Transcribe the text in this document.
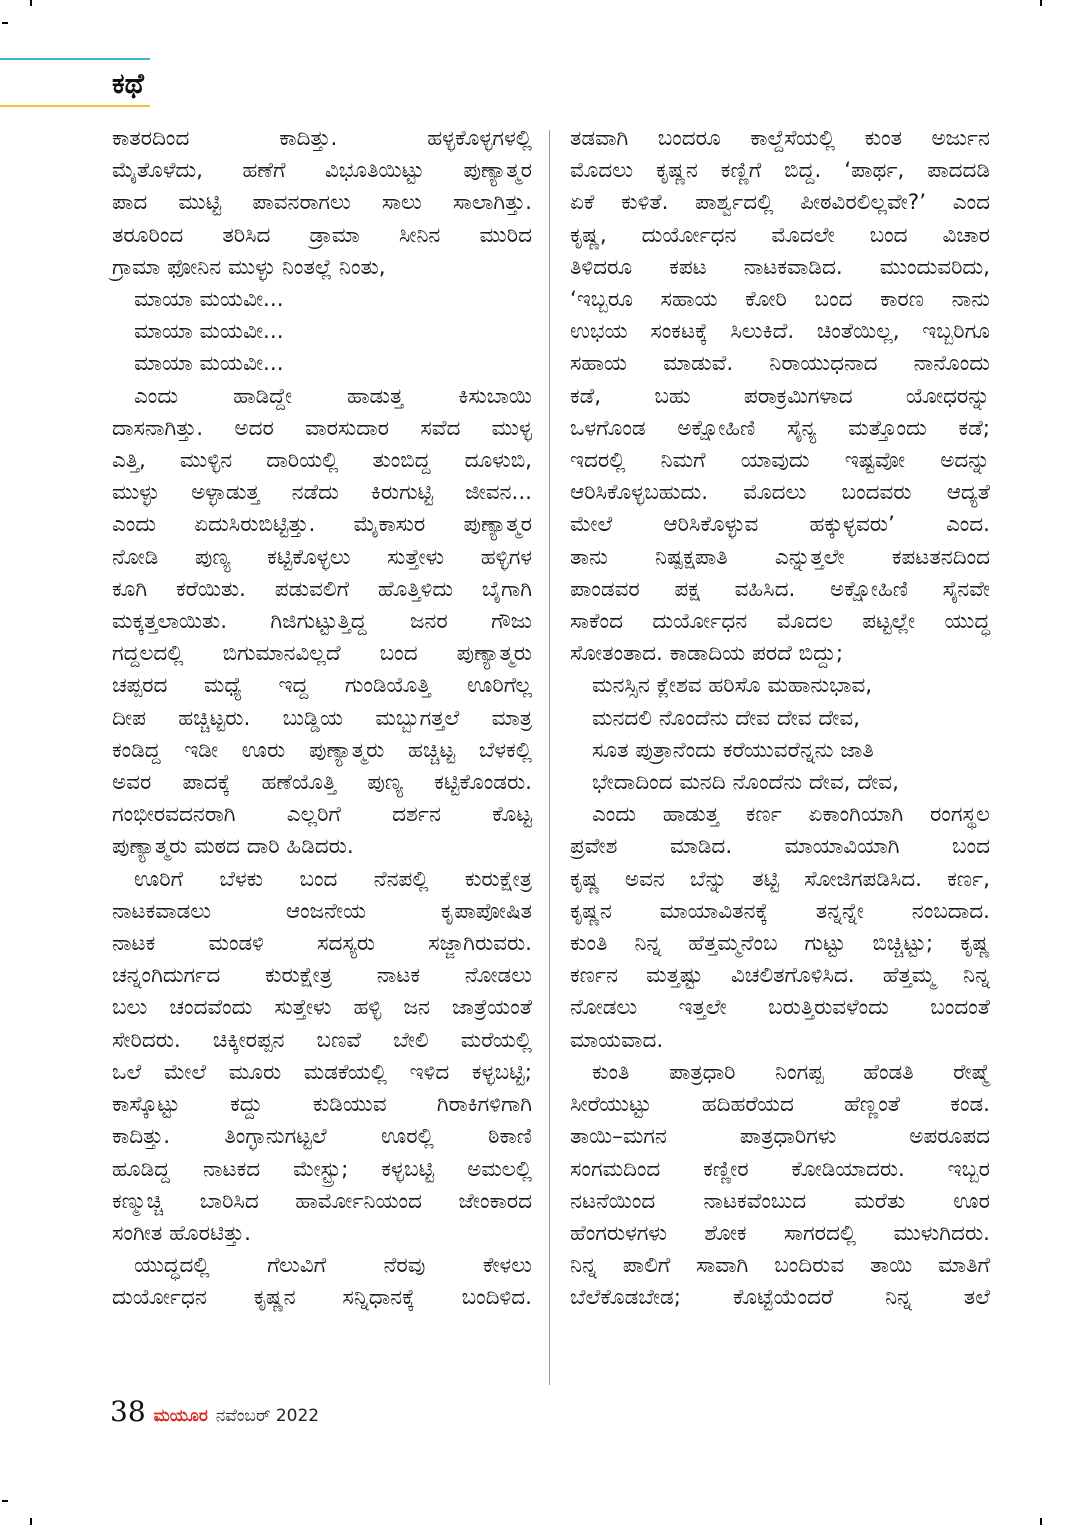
ಕಥೆ

ಕಾತರದಿಂದ ಕಾದಿತ್ತು. ಹಳ್ಳಕೊಳ್ಳಗಳಲ್ಲಿ

ಮೈತೊಳೆದು, ಹಣೆಗೆ ವಿಭೂತಿಯಿಟ್ಟು ಪುಣ್ಯಾತ್ಮರ

ಪಾದ ಮುಟ್ಟಿ ಪಾವನರಾಗಲು ಸಾಲು ಸಾಲಾಗಿತ್ತು.

ತರೂರಿಂದ ತರಿಸಿದ ಡ್ರಾಮಾ ಸೀನಿನ ಮುರಿದ

ಗ್ರಾಮಾ ಫೋನಿನ ಮುಳ್ಳು ನಿಂತಲ್ಲೆ ನಿಂತು,

ಮಾಯಾ ಮಯವೀ...

ಮಾಯಾ ಮಯವೀ...

ಮಾಯಾ ಮಯವೀ...

ಎಂದು ಹಾಡಿದ್ದೇ ಹಾಡುತ್ತ ಕಿಸುಬಾಯಿ

ದಾಸನಾಗಿತ್ತು. ಅದರ ವಾರಸುದಾರ ಸವೆದ ಮುಳ್ಳ

ಎತ್ತಿ, ಮುಳ್ಳಿನ ದಾರಿಯಲ್ಲಿ ತುಂಬಿದ್ದ ದೂಳುಬಿ,

ಮುಳ್ಳು ಅಳ್ಳಾಡುತ್ತ ನಡೆದು ಕಿರುಗುಟ್ಟಿ ಜೀವನ...

ಎಂದು ಏದುಸಿರುಬಿಟ್ಟಿತ್ತು. ಮೈಕಾಸುರ ಪುಣ್ಯಾತ್ಮರ

ನೋಡಿ ಪುಣ್ಯ ಕಟ್ಟಿಕೊಳ್ಳಲು ಸುತ್ತೇಳು ಹಳ್ಳಿಗಳ

ಕೂಗಿ ಕರೆಯಿತು. ಪಡುವಲಿಗೆ ಹೊತ್ತಿಳಿದು ಬೈಗಾಗಿ

ಮಕ್ಕತ್ತಲಾಯಿತು. ಗಿಜಿಗುಟ್ಟುತ್ತಿದ್ದ ಜನರ ಗೌಜು

ಗದ್ದಲದಲ್ಲಿ ಬಿಗುಮಾನವಿಲ್ಲದೆ ಬಂದ ಪುಣ್ಯಾತ್ಮರು

ಚಪ್ಪರದ ಮಧ್ಯೆ ಇದ್ದ ಗುಂಡಿಯೊತ್ತಿ ಊರಿಗೆಲ್ಲ

ದೀಪ ಹಚ್ಚಿಟ್ಟರು. ಬುಡ್ಡಿಯ ಮಬ್ಬುಗತ್ತಲೆ ಮಾತ್ರ

ಕಂಡಿದ್ದ ಇಡೀ ಊರು ಪುಣ್ಯಾತ್ಮರು ಹಚ್ಚಿಟ್ಟ ಬೆಳಕಲ್ಲಿ

ಅವರ ಪಾದಕ್ಕೆ ಹಣೆಯೊತ್ತಿ ಪುಣ್ಯ ಕಟ್ಟಿಕೊಂಡರು.

ಗಂಭೀರವದನರಾಗಿ ಎಲ್ಲರಿಗೆ ದರ್ಶನ ಕೊಟ್ಟ

ಪುಣ್ಯಾತ್ಮರು ಮಠದ ದಾರಿ ಹಿಡಿದರು.

ಊರಿಗೆ ಬೆಳಕು ಬಂದ ನೆನಪಲ್ಲಿ ಕುರುಕ್ಷೇತ್ರ

ನಾಟಕವಾಡಲು ಆಂಜನೇಯ ಕೃಪಾಪೋಷಿತ

ನಾಟಕ ಮಂಡಳಿ ಸದಸ್ಯರು ಸಜ್ಜಾಗಿರುವರು.

ಚನ್ನಂಗಿದುರ್ಗದ ಕುರುಕ್ಷೇತ್ರ ನಾಟಕ ನೋಡಲು

ಬಲು ಚಂದವೆಂದು ಸುತ್ತೇಳು ಹಳ್ಳಿ ಜನ ಜಾತ್ರೆಯಂತೆ

ಸೇರಿದರು. ಚಿಕ್ಕೀರಪ್ಪನ ಬಣವೆ ಬೇಲಿ ಮರೆಯಲ್ಲಿ

ಒಲೆ ಮೇಲೆ ಮೂರು ಮಡಕೆಯಲ್ಲಿ ಇಳಿದ ಕಳ್ಳಬಟ್ಟಿ;

ಕಾಸ್ಕೊಟ್ಟು ಕದ್ದು ಕುಡಿಯುವ ಗಿರಾಕಿಗಳಿಗಾಗಿ

ಕಾದಿತ್ತು. ತಿಂಗ್ಳಾನುಗಟ್ಟಲೆ ಊರಲ್ಲಿ ಠಿಕಾಣಿ

ಹೂಡಿದ್ದ ನಾಟಕದ ಮೇಸ್ಟ್ರು; ಕಳ್ಳಬಟ್ಟಿ ಅಮಲಲ್ಲಿ

ಕಣ್ಮುಚ್ಚಿ ಬಾರಿಸಿದ ಹಾರ್ಮೋನಿಯಂದ ಜೇಂಕಾರದ

ಸಂಗೀತ ಹೊರಟಿತ್ತು.

ಯುದ್ಧದಲ್ಲಿ ಗೆಲುವಿಗೆ ನೆರವು ಕೇಳಲು

ದುರ್ಯೋಧನ ಕೃಷ್ಣನ ಸನ್ನಿಧಾನಕ್ಕೆ ಬಂದಿಳಿದ.

ತಡವಾಗಿ ಬಂದರೂ ಕಾಲ್ದೆಸೆಯಲ್ಲಿ ಕುಂತ ಅರ್ಜುನ

ಮೊದಲು ಕೃಷ್ಣನ ಕಣ್ಣಿಗೆ ಬಿದ್ದ. ‘ಪಾರ್ಥ, ಪಾದದಡಿ

ಏಕೆ ಕುಳಿತೆ. ಪಾರ್ಶ್ವದಲ್ಲಿ ಪೀಠವಿರಲಿಲ್ಲವೇ?’ ಎಂದ

ಕೃಷ್ಣ, ದುರ್ಯೋಧನ ಮೊದಲೇ ಬಂದ ವಿಚಾರ

ತಿಳಿದರೂ ಕಪಟ ನಾಟಕವಾಡಿದ. ಮುಂದುವರಿದು,

‘ಇಬ್ಬರೂ ಸಹಾಯ ಕೋರಿ ಬಂದ ಕಾರಣ ನಾನು

ಉಭಯ ಸಂಕಟಕ್ಕೆ ಸಿಲುಕಿದೆ. ಚಿಂತೆಯಿಲ್ಲ, ಇಬ್ಬರಿಗೂ

ಸಹಾಯ ಮಾಡುವೆ. ನಿರಾಯುಧನಾದ ನಾನೊಂದು

ಕಡೆ, ಬಹು ಪರಾಕ್ರಮಿಗಳಾದ ಯೋಧರನ್ನು

ಒಳಗೊಂಡ ಅಕ್ಷೋಹಿಣಿ ಸೈನ್ಯ ಮತ್ತೊಂದು ಕಡೆ;

ಇದರಲ್ಲಿ ನಿಮಗೆ ಯಾವುದು ಇಷ್ಟವೋ ಅದನ್ನು

ಆರಿಸಿಕೊಳ್ಳಬಹುದು. ಮೊದಲು ಬಂದವರು ಆದ್ಯತೆ

ಮೇಲೆ ಆರಿಸಿಕೊಳ್ಳುವ ಹಕ್ಕುಳ್ಳವರು’ ಎಂದ.

ತಾನು ನಿಷ್ಪಕ್ಷಪಾತಿ ಎನ್ನುತ್ತಲೇ ಕಪಟತನದಿಂದ

ಪಾಂಡವರ ಪಕ್ಷ ವಹಿಸಿದ. ಅಕ್ಷೋಹಿಣಿ ಸೈನವೇ

ಸಾಕೆಂದ ದುರ್ಯೋಧನ ಮೊದಲ ಪಟ್ಟಲ್ಲೇ ಯುದ್ಧ

ಸೋತಂತಾದ. ಕಾಡಾದಿಯ ಪರದೆ ಬಿದ್ದು;

ಮನಸ್ಸಿನ ಕ್ಲೇಶವ ಹರಿಸೊ ಮಹಾನುಭಾವ,

ಮನದಲಿ ನೊಂದೆನು ದೇವ ದೇವ ದೇವ,

ಸೂತ ಪುತ್ರಾನೆಂದು ಕರೆಯುವರೆನ್ನನು ಜಾತಿ

ಭೇದಾದಿಂದ ಮನದಿ ನೊಂದೆನು ದೇವ, ದೇವ,

ಎಂದು ಹಾಡುತ್ತ ಕರ್ಣ ಏಕಾಂಗಿಯಾಗಿ ರಂಗಸ್ಥಲ

ಪ್ರವೇಶ ಮಾಡಿದ. ಮಾಯಾವಿಯಾಗಿ ಬಂದ

ಕೃಷ್ಣ ಅವನ ಬೆನ್ನು ತಟ್ಟಿ ಸೋಜಿಗಪಡಿಸಿದ. ಕರ್ಣ,

ಕೃಷ್ಣನ ಮಾಯಾವಿತನಕ್ಕೆ ತನ್ನನ್ನೇ ನಂಬದಾದ.

ಕುಂತಿ ನಿನ್ನ ಹೆತ್ತಮ್ಮನೆಂಬ ಗುಟ್ಟು ಬಿಚ್ಚಿಟ್ಟು; ಕೃಷ್ಣ

ಕರ್ಣನ ಮತ್ತಷ್ಟು ವಿಚಲಿತಗೊಳಿಸಿದ. ಹೆತ್ತಮ್ಮ ನಿನ್ನ

ನೋಡಲು ಇತ್ತಲೇ ಬರುತ್ತಿರುವಳೆಂದು ಬಂದಂತೆ

ಮಾಯವಾದ.

ಕುಂತಿ ಪಾತ್ರಧಾರಿ ನಿಂಗಪ್ಪ ಹೆಂಡತಿ ರೇಷ್ಮೆ

ಸೀರೆಯುಟ್ಟು ಹದಿಹರೆಯದ ಹೆಣ್ಣಂತೆ ಕಂಡ.

ತಾಯಿ–ಮಗನ ಪಾತ್ರಧಾರಿಗಳು ಅಪರೂಪದ

ಸಂಗಮದಿಂದ ಕಣ್ಣೀರ ಕೋಡಿಯಾದರು. ಇಬ್ಬರ

ನಟನೆಯಿಂದ ನಾಟಕವೆಂಬುದ ಮರೆತು ಊರ

ಹೆಂಗರುಳಗಳು ಶೋಕ ಸಾಗರದಲ್ಲಿ ಮುಳುಗಿದರು.

ನಿನ್ನ ಪಾಲಿಗೆ ಸಾವಾಗಿ ಬಂದಿರುವ ತಾಯಿ ಮಾತಿಗೆ

ಬೆಲೆಕೊಡಬೇಡ; ಕೊಟ್ಟೆಯೆಂದರೆ ನಿನ್ನ ತಲೆ

38 ಮಯೂರ ನವೆಂಬರ್ 2022
